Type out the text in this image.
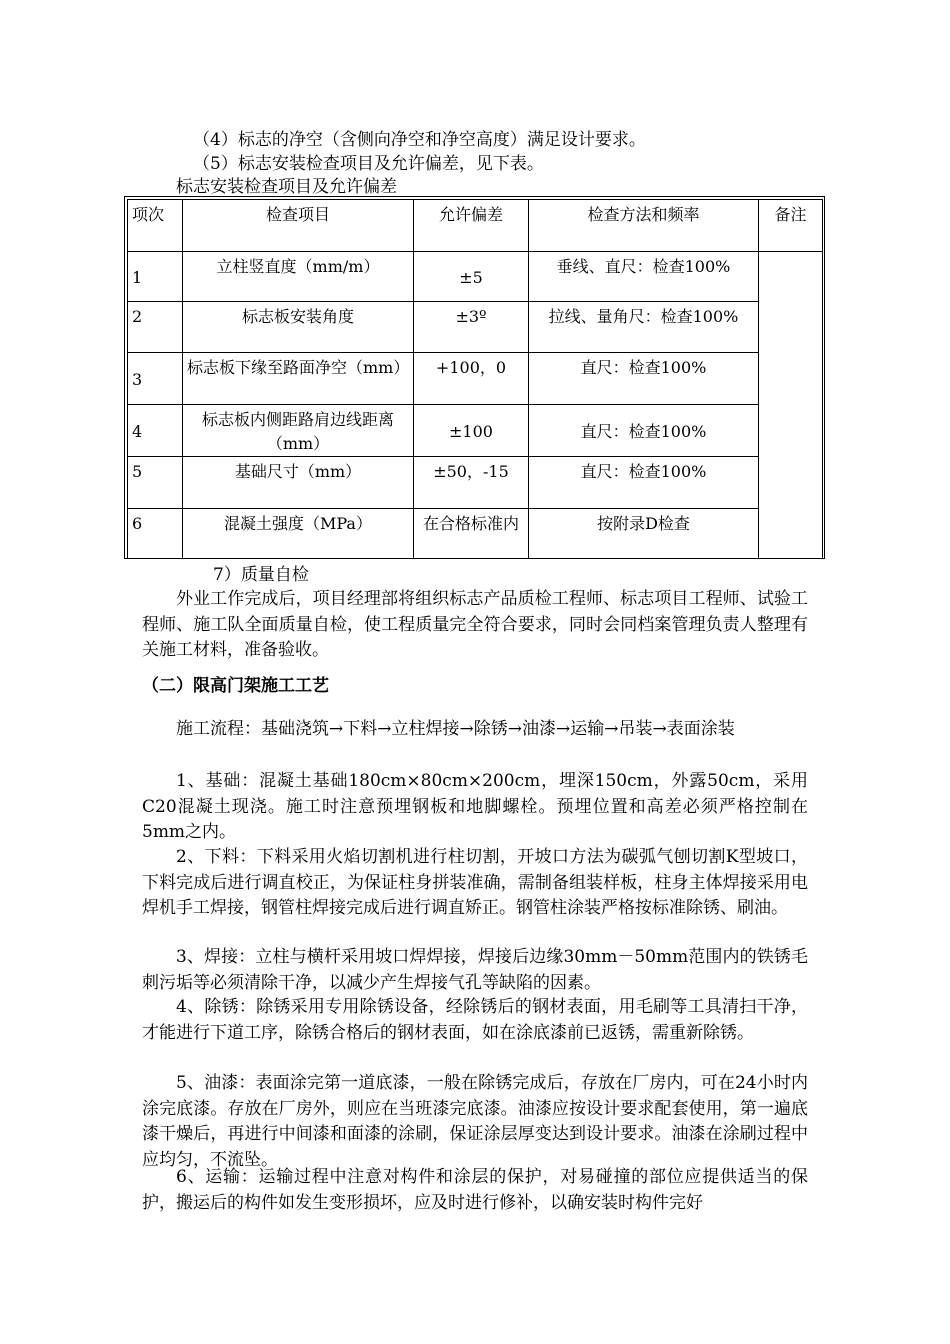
（4）标志的净空（含侧向净空和净空高度）满足设计要求。
（5）标志安装检查项目及允许偏差，见下表。
标志安装检查项目及允许偏差
项次	检查项目	允许偏差	检查方法和频率	备注
1	立柱竖直度（mm/m）	±5	垂线、直尺：检查100%	
2	标志板安装角度	±3º	拉线、量角尺：检查100%	
3	标志板下缘至路面净空（mm）	+100，0	直尺：检查100%	
4	标志板内侧距路肩边线距离（mm）	±100	直尺：检查100%	
5	基础尺寸（mm）	±50，-15	直尺：检查100%	
6	混凝土强度（MPa）	在合格标准内	按附录D检查	
7）质量自检
外业工作完成后，项目经理部将组织标志产品质检工程师、标志项目工程师、试验工程师、施工队全面质量自检，使工程质量完全符合要求，同时会同档案管理负责人整理有关施工材料，准备验收。
（二）限高门架施工工艺
施工流程：基础浇筑→下料→立柱焊接→除锈→油漆→运输→吊装→表面涂装
1、基础：混凝土基础180cm×80cm×200cm，埋深150cm，外露50cm，采用C20混凝土现浇。施工时注意预埋钢板和地脚螺栓。预埋位置和高差必须严格控制在5mm之内。
2、下料：下料采用火焰切割机进行柱切割，开坡口方法为碳弧气刨切割K型坡口，下料完成后进行调直校正，为保证柱身拼装准确，需制备组装样板，柱身主体焊接采用电焊机手工焊接，钢管柱焊接完成后进行调直矫正。钢管柱涂装严格按标准除锈、刷油。
3、焊接：立柱与横杆采用坡口焊焊接，焊接后边缘30mm－50mm范围内的铁锈毛刺污垢等必须清除干净，以减少产生焊接气孔等缺陷的因素。
4、除锈：除锈采用专用除锈设备，经除锈后的钢材表面，用毛刷等工具清扫干净，才能进行下道工序，除锈合格后的钢材表面，如在涂底漆前已返锈，需重新除锈。
5、油漆：表面涂完第一道底漆，一般在除锈完成后，存放在厂房内，可在24小时内涂完底漆。存放在厂房外，则应在当班漆完底漆。油漆应按设计要求配套使用，第一遍底漆干燥后，再进行中间漆和面漆的涂刷，保证涂层厚变达到设计要求。油漆在涂刷过程中应均匀，不流坠。
6、运输：运输过程中注意对构件和涂层的保护，对易碰撞的部位应提供适当的保护，搬运后的构件如发生变形损坏，应及时进行修补，以确安装时构件完好
